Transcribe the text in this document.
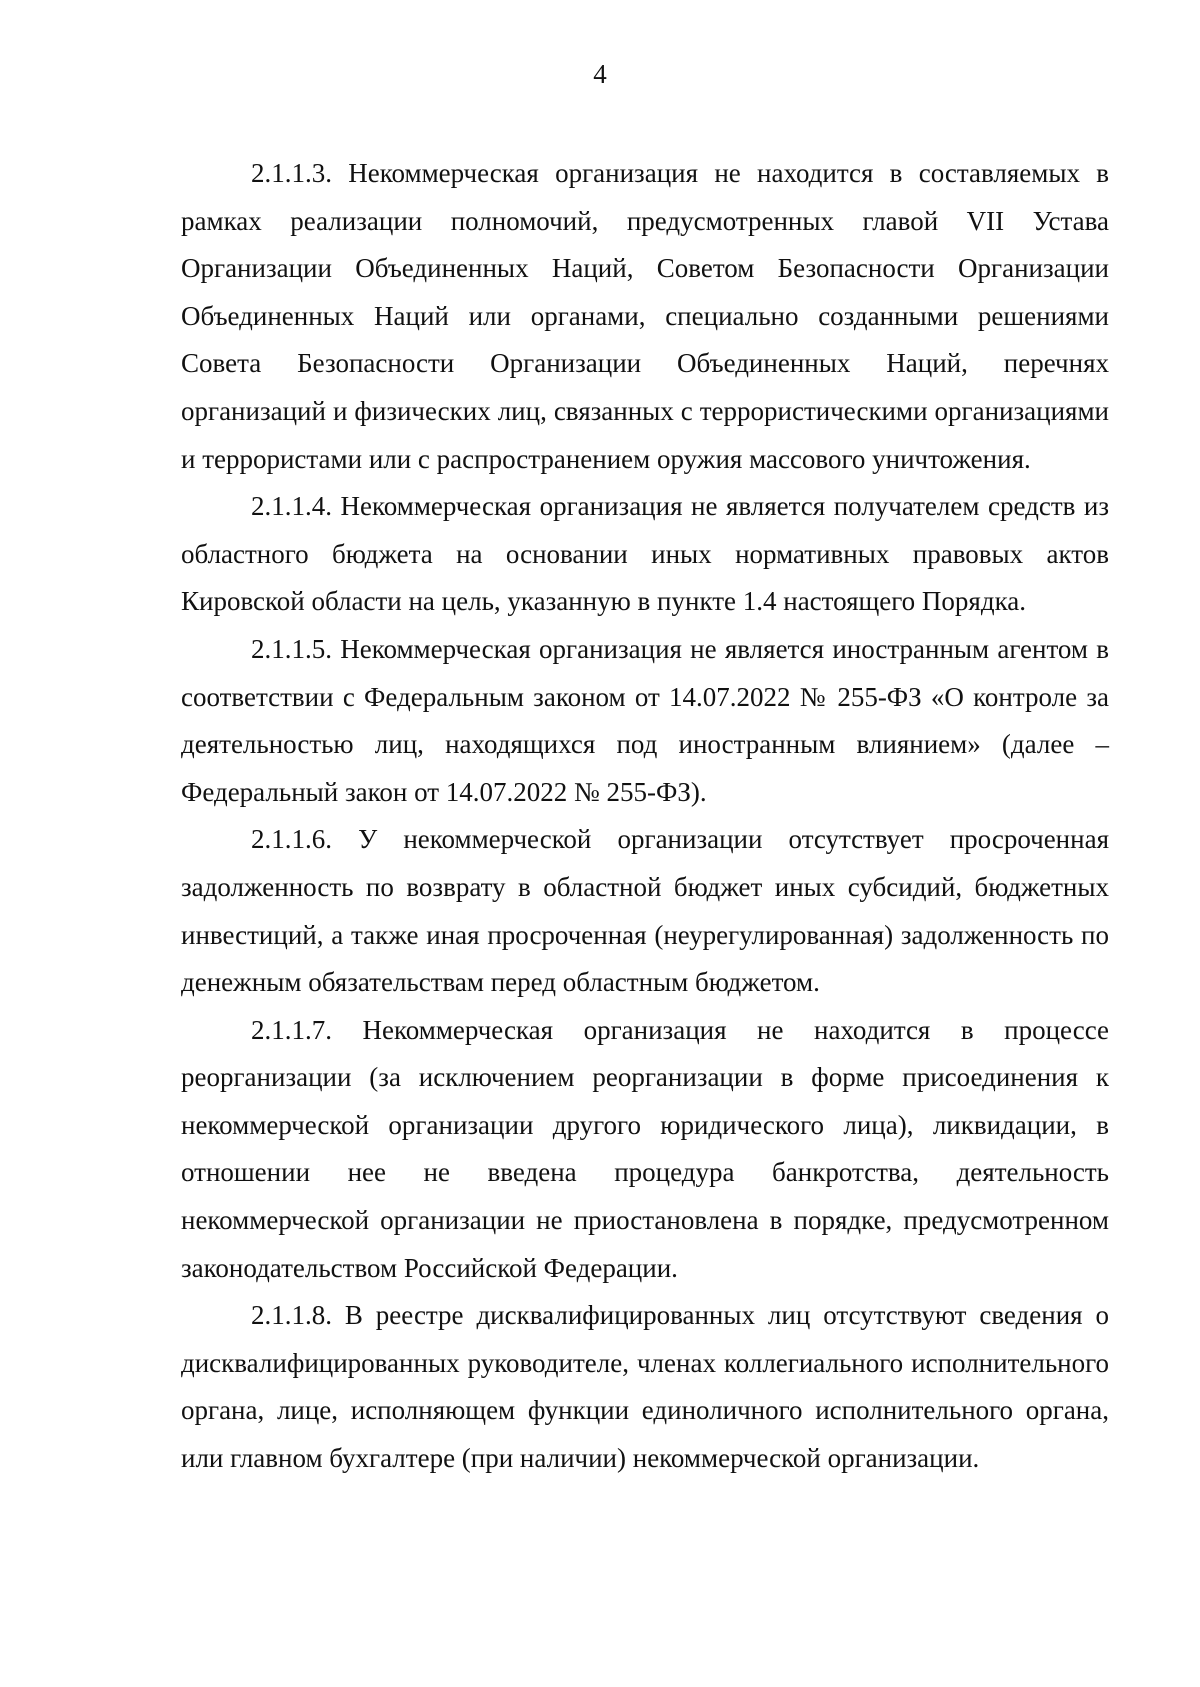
4

2.1.1.3. Некоммерческая организация не находится в составляемых в рамках реализации полномочий, предусмотренных главой VII Устава Организации Объединенных Наций, Советом Безопасности Организации Объединенных Наций или органами, специально созданными решениями Совета Безопасности Организации Объединенных Наций, перечнях организаций и физических лиц, связанных с террористическими организациями и террористами или с распространением оружия массового уничтожения.

2.1.1.4. Некоммерческая организация не является получателем средств из областного бюджета на основании иных нормативных правовых актов Кировской области на цель, указанную в пункте 1.4 настоящего Порядка.

2.1.1.5. Некоммерческая организация не является иностранным агентом в соответствии с Федеральным законом от 14.07.2022 № 255-ФЗ «О контроле за деятельностью лиц, находящихся под иностранным влиянием» (далее – Федеральный закон от 14.07.2022 № 255-ФЗ).

2.1.1.6. У некоммерческой организации отсутствует просроченная задолженность по возврату в областной бюджет иных субсидий, бюджетных инвестиций, а также иная просроченная (неурегулированная) задолженность по денежным обязательствам перед областным бюджетом.

2.1.1.7. Некоммерческая организация не находится в процессе реорганизации (за исключением реорганизации в форме присоединения к некоммерческой организации другого юридического лица), ликвидации, в отношении нее не введена процедура банкротства, деятельность некоммерческой организации не приостановлена в порядке, предусмотренном законодательством Российской Федерации.

2.1.1.8. В реестре дисквалифицированных лиц отсутствуют сведения о дисквалифицированных руководителе, членах коллегиального исполнительного органа, лице, исполняющем функции единоличного исполнительного органа, или главном бухгалтере (при наличии) некоммерческой организации.
